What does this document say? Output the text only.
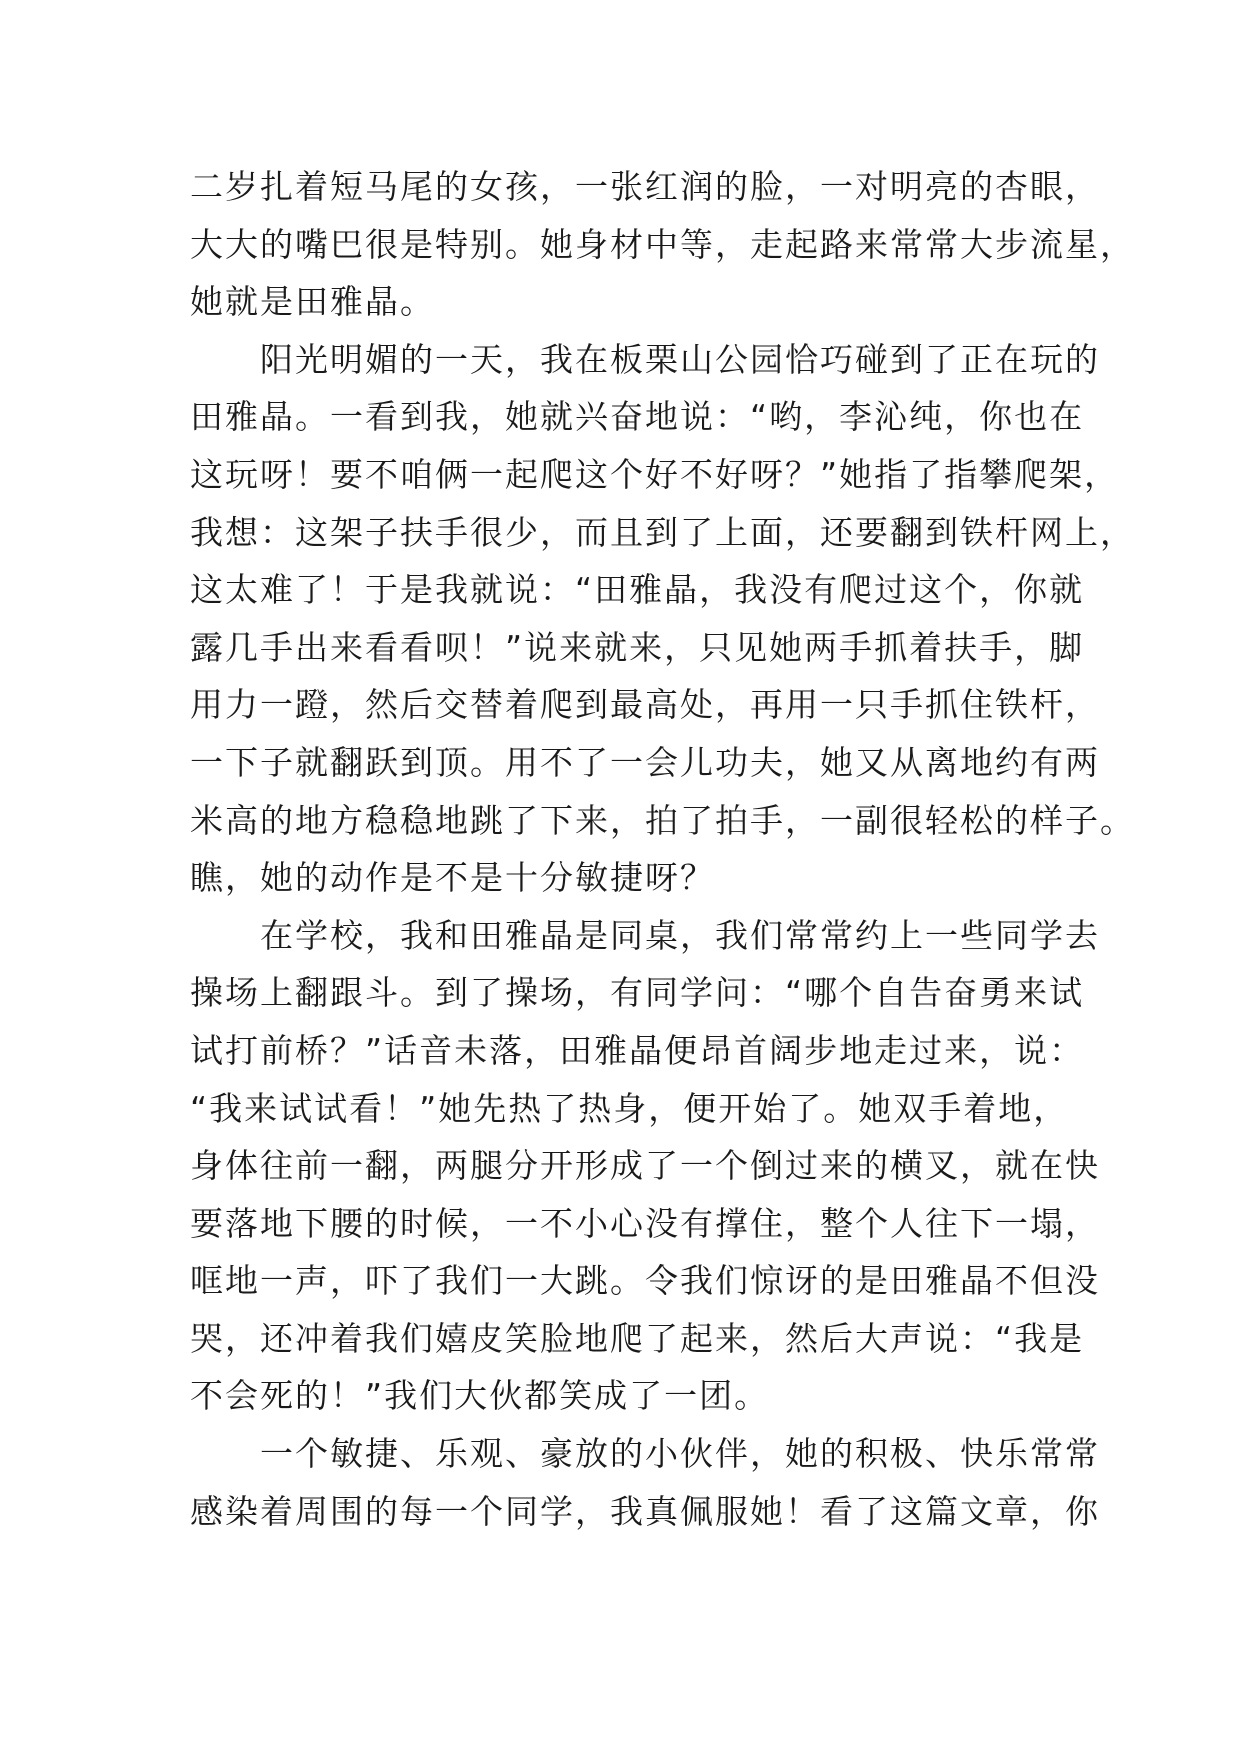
二岁扎着短马尾的女孩，一张红润的脸，一对明亮的杏眼，
大大的嘴巴很是特别。她身材中等，走起路来常常大步流星，
她就是田雅晶。
　　阳光明媚的一天，我在板栗山公园恰巧碰到了正在玩的
田雅晶。一看到我，她就兴奋地说：“哟，李沁纯，你也在
这玩呀！要不咱俩一起爬这个好不好呀？”她指了指攀爬架，
我想：这架子扶手很少，而且到了上面，还要翻到铁杆网上，
这太难了！于是我就说：“田雅晶，我没有爬过这个，你就
露几手出来看看呗！”说来就来，只见她两手抓着扶手，脚
用力一蹬，然后交替着爬到最高处，再用一只手抓住铁杆，
一下子就翻跃到顶。用不了一会儿功夫，她又从离地约有两
米高的地方稳稳地跳了下来，拍了拍手，一副很轻松的样子。
瞧，她的动作是不是十分敏捷呀？
　　在学校，我和田雅晶是同桌，我们常常约上一些同学去
操场上翻跟斗。到了操场，有同学问：“哪个自告奋勇来试
试打前桥？”话音未落，田雅晶便昂首阔步地走过来，说：
“我来试试看！”她先热了热身，便开始了。她双手着地，
身体往前一翻，两腿分开形成了一个倒过来的横叉，就在快
要落地下腰的时候，一不小心没有撑住，整个人往下一塌，
哐地一声，吓了我们一大跳。令我们惊讶的是田雅晶不但没
哭，还冲着我们嬉皮笑脸地爬了起来，然后大声说：“我是
不会死的！”我们大伙都笑成了一团。
　　一个敏捷、乐观、豪放的小伙伴，她的积极、快乐常常
感染着周围的每一个同学，我真佩服她！看了这篇文章，你
